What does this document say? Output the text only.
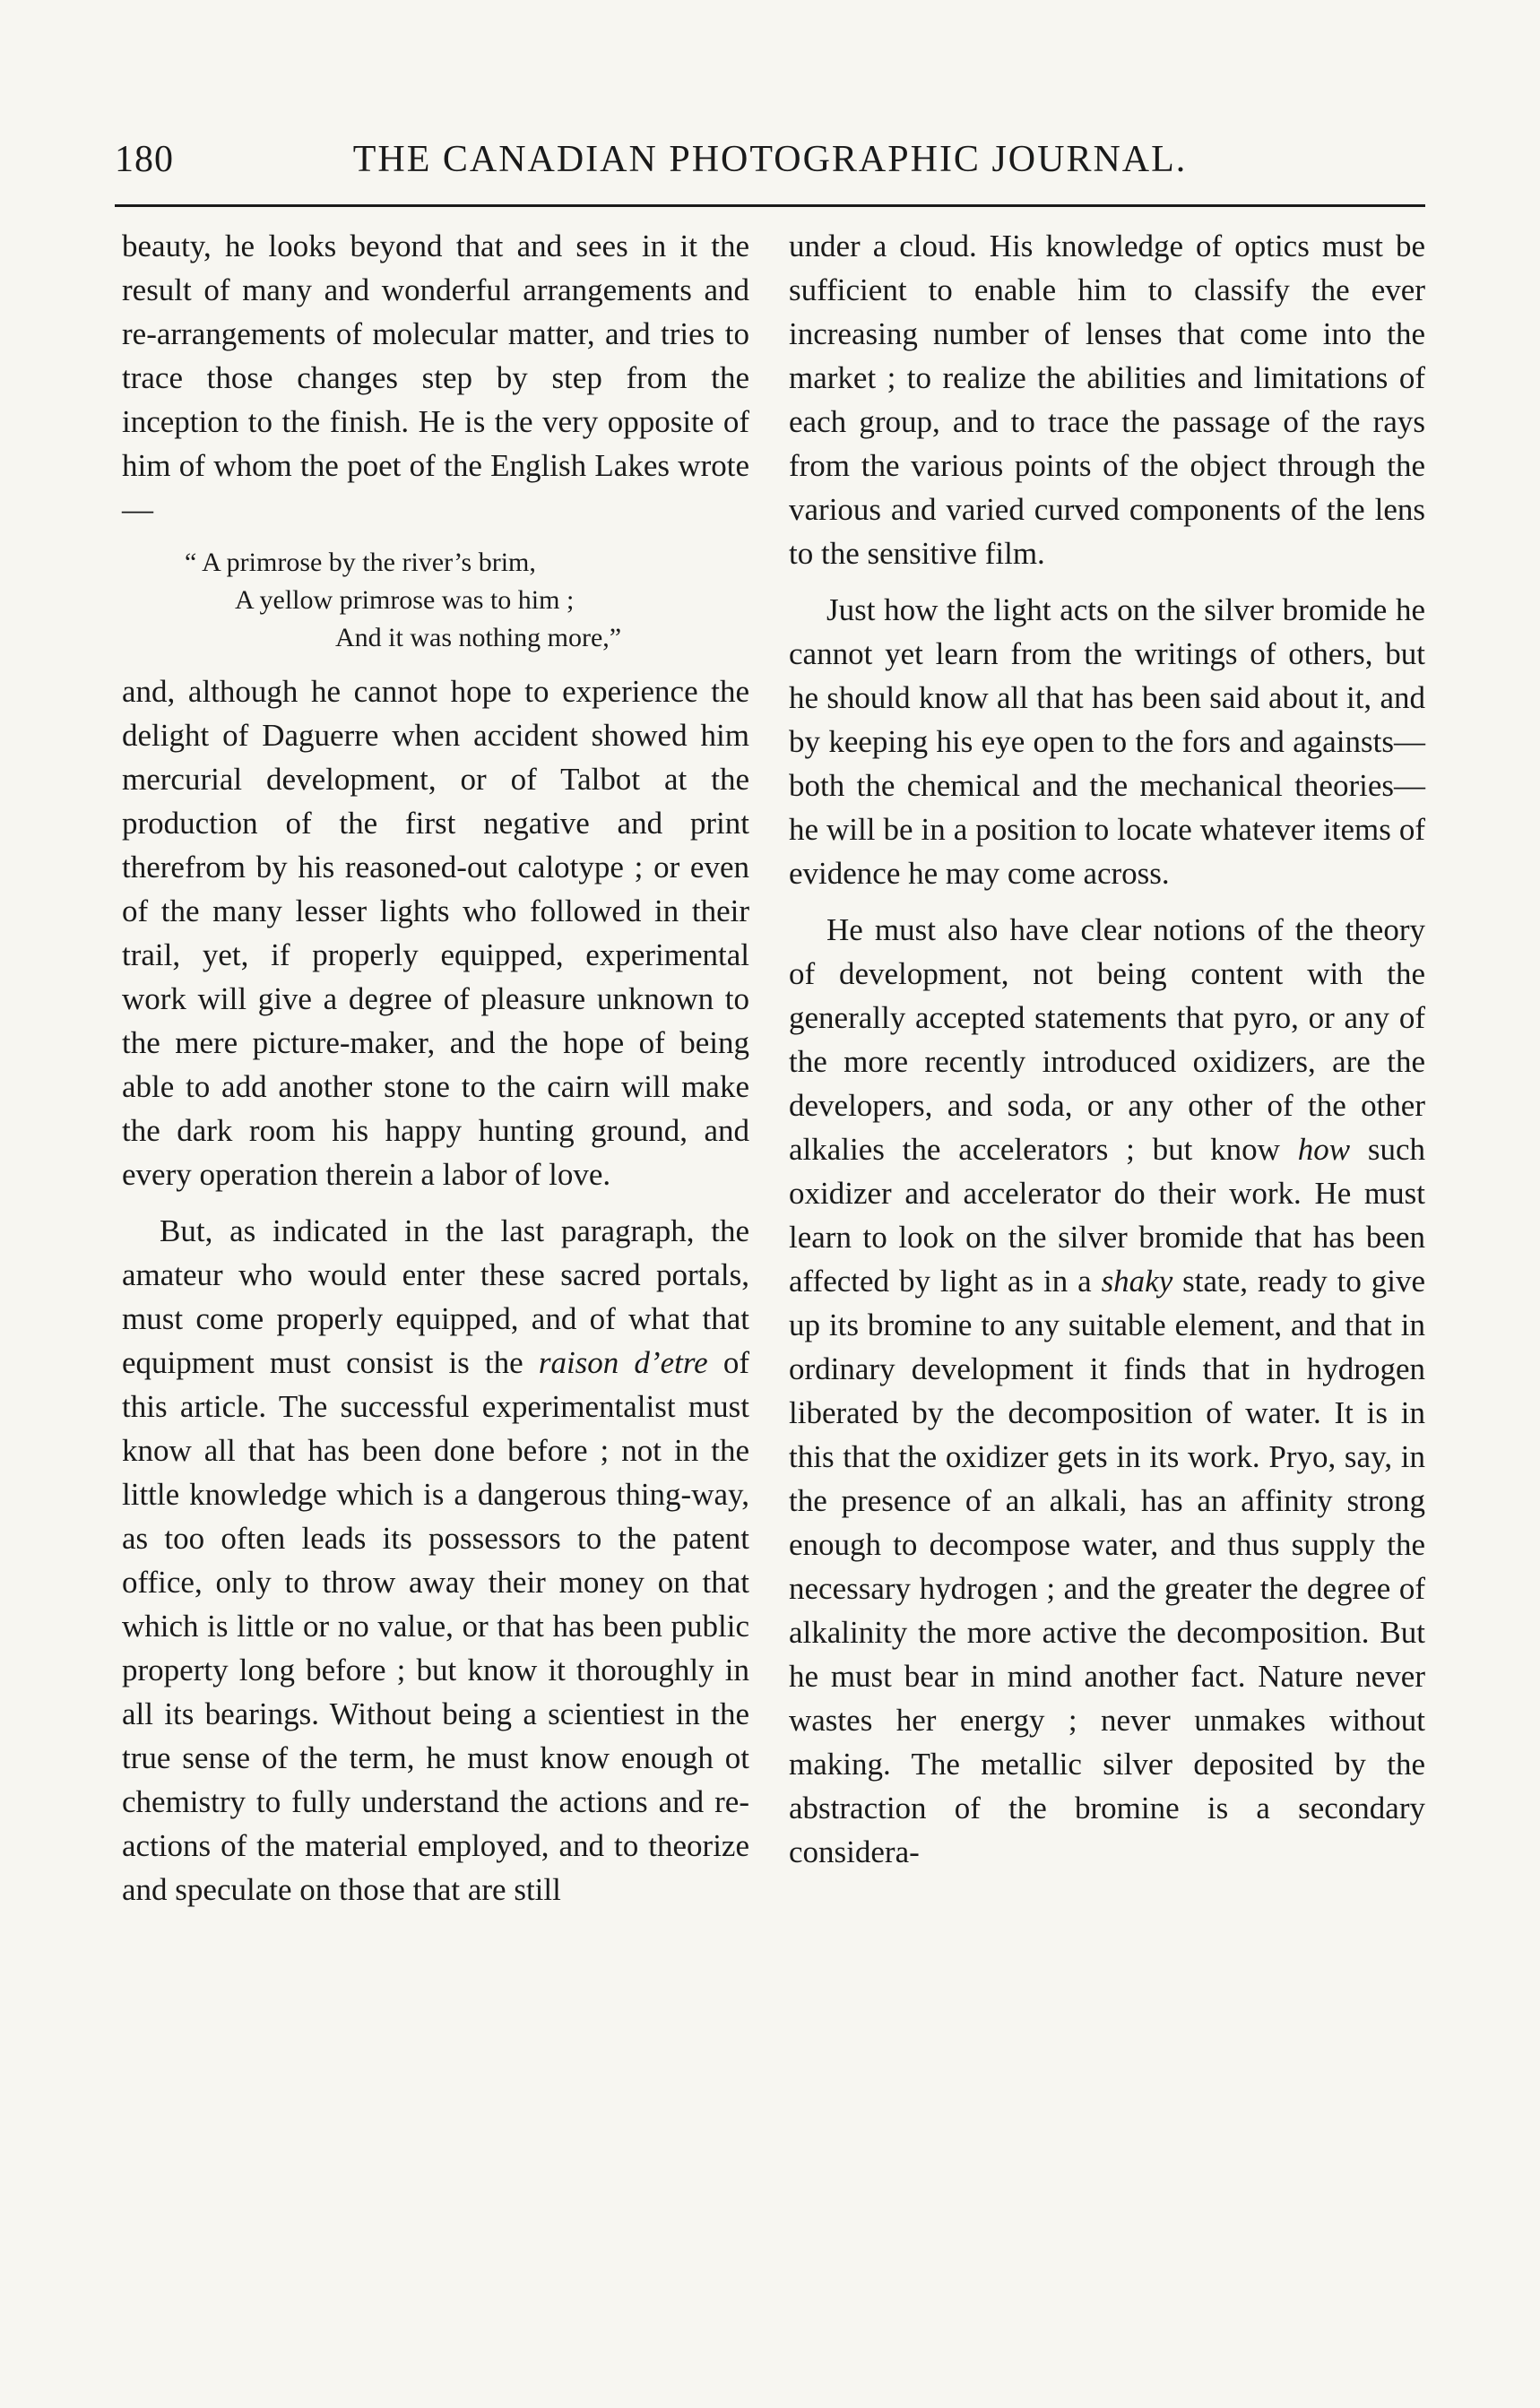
180	THE CANADIAN PHOTOGRAPHIC JOURNAL.

beauty, he looks beyond that and sees in it the result of many and wonderful arrangements and re-arrangements of molecular matter, and tries to trace those changes step by step from the inception to the finish. He is the very opposite of him of whom the poet of the English Lakes wrote—

“ A primrose by the river’s brim,
A yellow primrose was to him ;
And it was nothing more,”

and, although he cannot hope to experience the delight of Daguerre when accident showed him mercurial development, or of Talbot at the production of the first negative and print therefrom by his reasoned-out calotype ; or even of the many lesser lights who followed in their trail, yet, if properly equipped, experimental work will give a degree of pleasure unknown to the mere picture-maker, and the hope of being able to add another stone to the cairn will make the dark room his happy hunting ground, and every operation therein a labor of love.

But, as indicated in the last paragraph, the amateur who would enter these sacred portals, must come properly equipped, and of what that equipment must consist is the raison d’etre of this article. The successful experimentalist must know all that has been done before ; not in the little knowledge which is a dangerous thing-way, as too often leads its possessors to the patent office, only to throw away their money on that which is little or no value, or that has been public property long before ; but know it thoroughly in all its bearings. Without being a scientiest in the true sense of the term, he must know enough ot chemistry to fully understand the actions and re-actions of the material employed, and to theorize and speculate on those that are still

under a cloud. His knowledge of optics must be sufficient to enable him to classify the ever increasing number of lenses that come into the market ; to realize the abilities and limitations of each group, and to trace the passage of the rays from the various points of the object through the various and varied curved components of the lens to the sensitive film.

Just how the light acts on the silver bromide he cannot yet learn from the writings of others, but he should know all that has been said about it, and by keeping his eye open to the fors and againsts—both the chemical and the mechanical theories—he will be in a position to locate whatever items of evidence he may come across.

He must also have clear notions of the theory of development, not being content with the generally accepted statements that pyro, or any of the more recently introduced oxidizers, are the developers, and soda, or any other of the other alkalies the accelerators ; but know how such oxidizer and accelerator do their work. He must learn to look on the silver bromide that has been affected by light as in a shaky state, ready to give up its bromine to any suitable element, and that in ordinary development it finds that in hydrogen liberated by the decomposition of water. It is in this that the oxidizer gets in its work. Pryo, say, in the presence of an alkali, has an affinity strong enough to decompose water, and thus supply the necessary hydrogen ; and the greater the degree of alkalinity the more active the decomposition. But he must bear in mind another fact. Nature never wastes her energy ; never unmakes without making. The metallic silver deposited by the abstraction of the bromine is a secondary considera-
